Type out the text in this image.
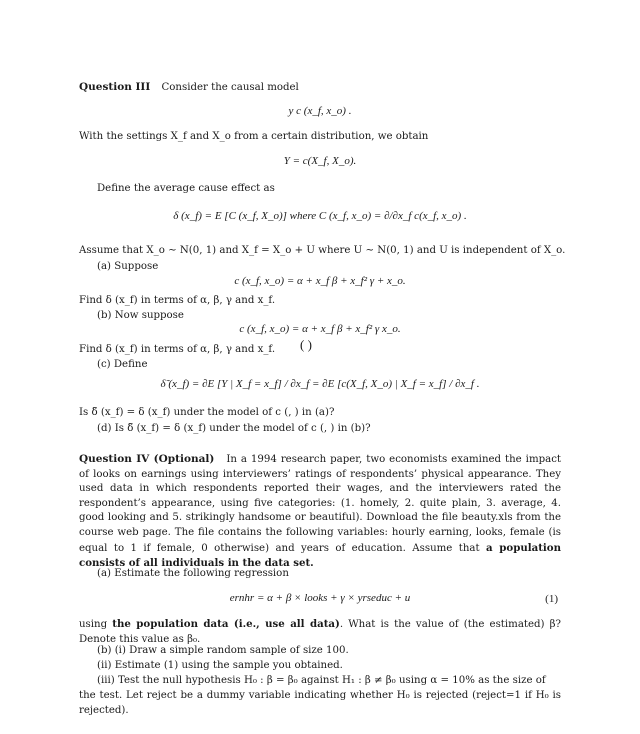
Question III Consider the causal model
y c (x_f, x_o) .
With the settings X_f and X_o from a certain distribution, we obtain
Y = c(X_f, X_o).
Define the average cause effect as
δ (x_f) = E [C (x_f, X_o)] where C (x_f, x_o) = ∂/∂x_f c(x_f, x_o) .
Assume that X_o ∼ N(0, 1) and X_f = X_o + U where U ∼ N(0, 1) and U is independent of X_o.
(a) Suppose
c (x_f, x_o) = α + x_f β + x_f² γ + x_o.
Find δ (x_f) in terms of α, β, γ and x_f.
(b) Now suppose
c (x_f, x_o) = α + x_f β + x_f² γ x_o.
( )
Find δ (x_f) in terms of α, β, γ and x_f.
(c) Define
δ̃ (x_f) = ∂E [Y | X_f = x_f] / ∂x_f = ∂E [c(X_f, X_o) | X_f = x_f] / ∂x_f .
Is δ̃ (x_f) = δ (x_f) under the model of c (, ) in (a)?
(d) Is δ̃ (x_f) = δ (x_f) under the model of c (, ) in (b)?
Question IV (Optional) In a 1994 research paper, two economists examined the impact of looks on earnings using interviewers’ ratings of respondents’ physical appearance. They used data in which respondents reported their wages, and the interviewers rated the respondent’s appearance, using five categories: (1. homely, 2. quite plain, 3. average, 4. good looking and 5. strikingly handsome or beautiful). Download the file beauty.xls from the course web page. The file contains the following variables: hourly earning, looks, female (is equal to 1 if female, 0 otherwise) and years of education. Assume that a population consists of all individuals in the data set.
(a) Estimate the following regression
ernhr = α + β × looks + γ × yrseduc + u	(1)
using the population data (i.e., use all data). What is the value of (the estimated) β? Denote this value as β₀.
(b) (i) Draw a simple random sample of size 100.
(ii) Estimate (1) using the sample you obtained.
(iii) Test the null hypothesis H₀ : β = β₀ against H₁ : β ≠ β₀ using α = 10% as the size of
the test. Let reject be a dummy variable indicating whether H₀ is rejected (reject=1 if H₀ is rejected).
